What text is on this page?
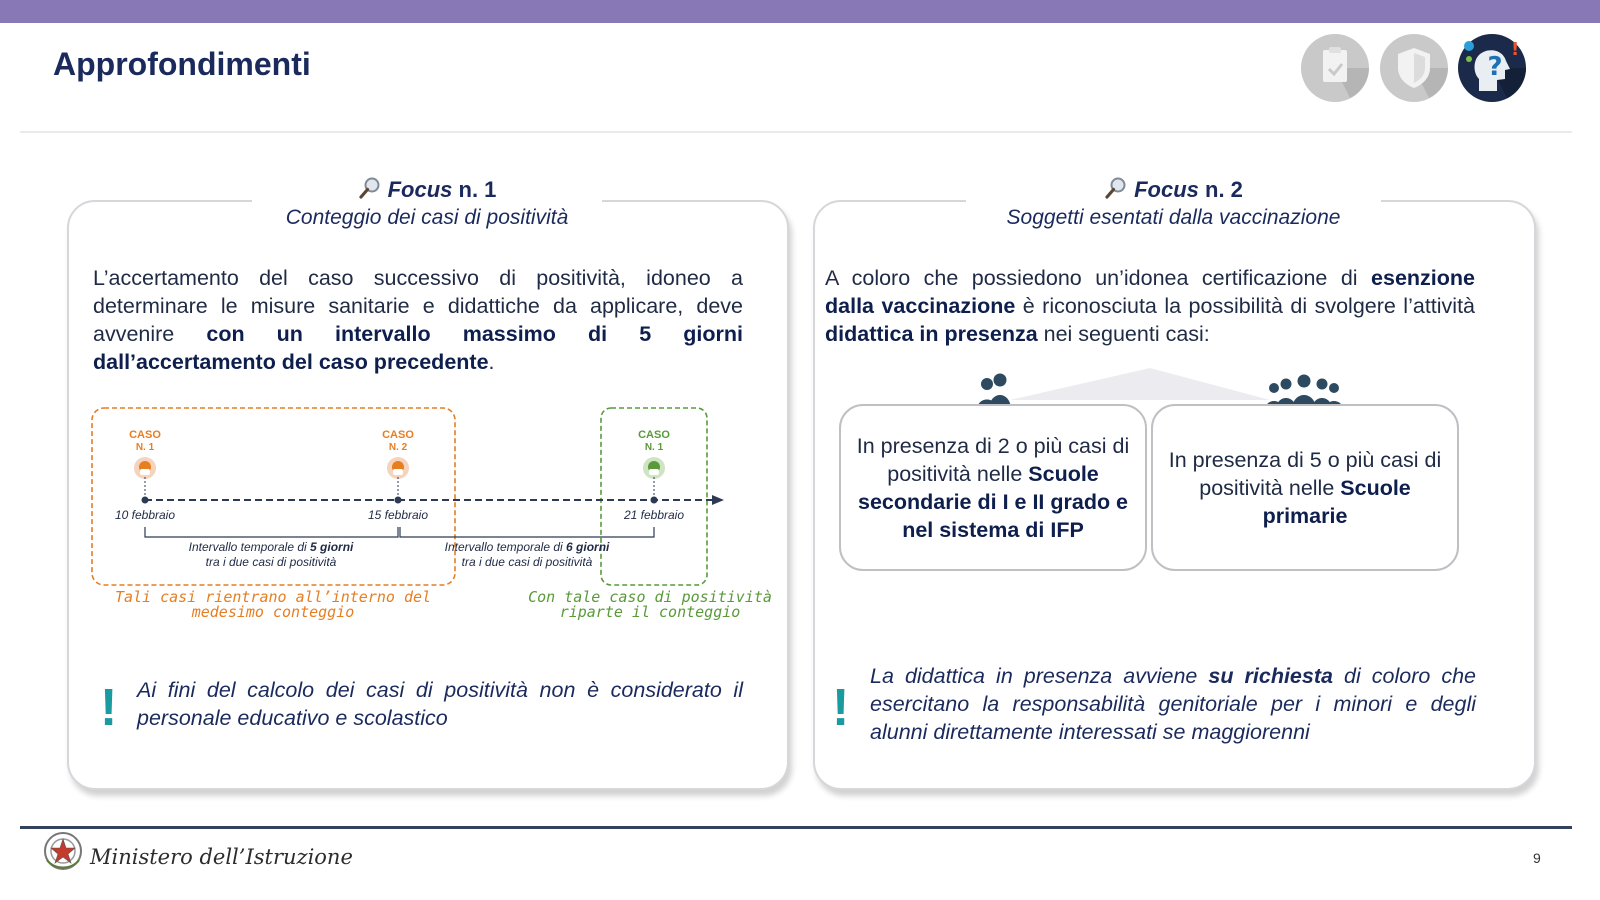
Approfondimenti	?
!
Focus n. 1
Conteggio dei casi di positività

L’accertamento del caso successivo di positività, idoneo a determinare le misure sanitarie e didattiche da applicare, deve avvenire con un intervallo massimo di 5 giorni dall’accertamento del caso precedente.

CASO
N. 1
CASO
N. 2
CASO
N. 1
10 febbraio	15 febbraio	21 febbraio
Intervallo temporale di 5 giorni
tra i due casi di positività
Intervallo temporale di 6 giorni
tra i due casi di positività
Tali casi rientrano all’interno del
medesimo conteggio
Con tale caso di positività
riparte il conteggio
! Ai fini del calcolo dei casi di positività non è considerato il personale educativo e scolastico

Focus n. 2
Soggetti esentati dalla vaccinazione

A coloro che possiedono un’idonea certificazione di esenzione dalla vaccinazione è riconosciuta la possibilità di svolgere l’attività didattica in presenza nei seguenti casi:

In presenza di 2 o più casi di positività nelle Scuole secondarie di I e II grado e nel sistema di IFP
In presenza di 5 o più casi di positività nelle Scuole primarie
!

La didattica in presenza avviene su richiesta di coloro che esercitano la responsabilità genitoriale per i minori e degli alunni direttamente interessati se maggiorenni

Ministero dell’Istruzione	9
